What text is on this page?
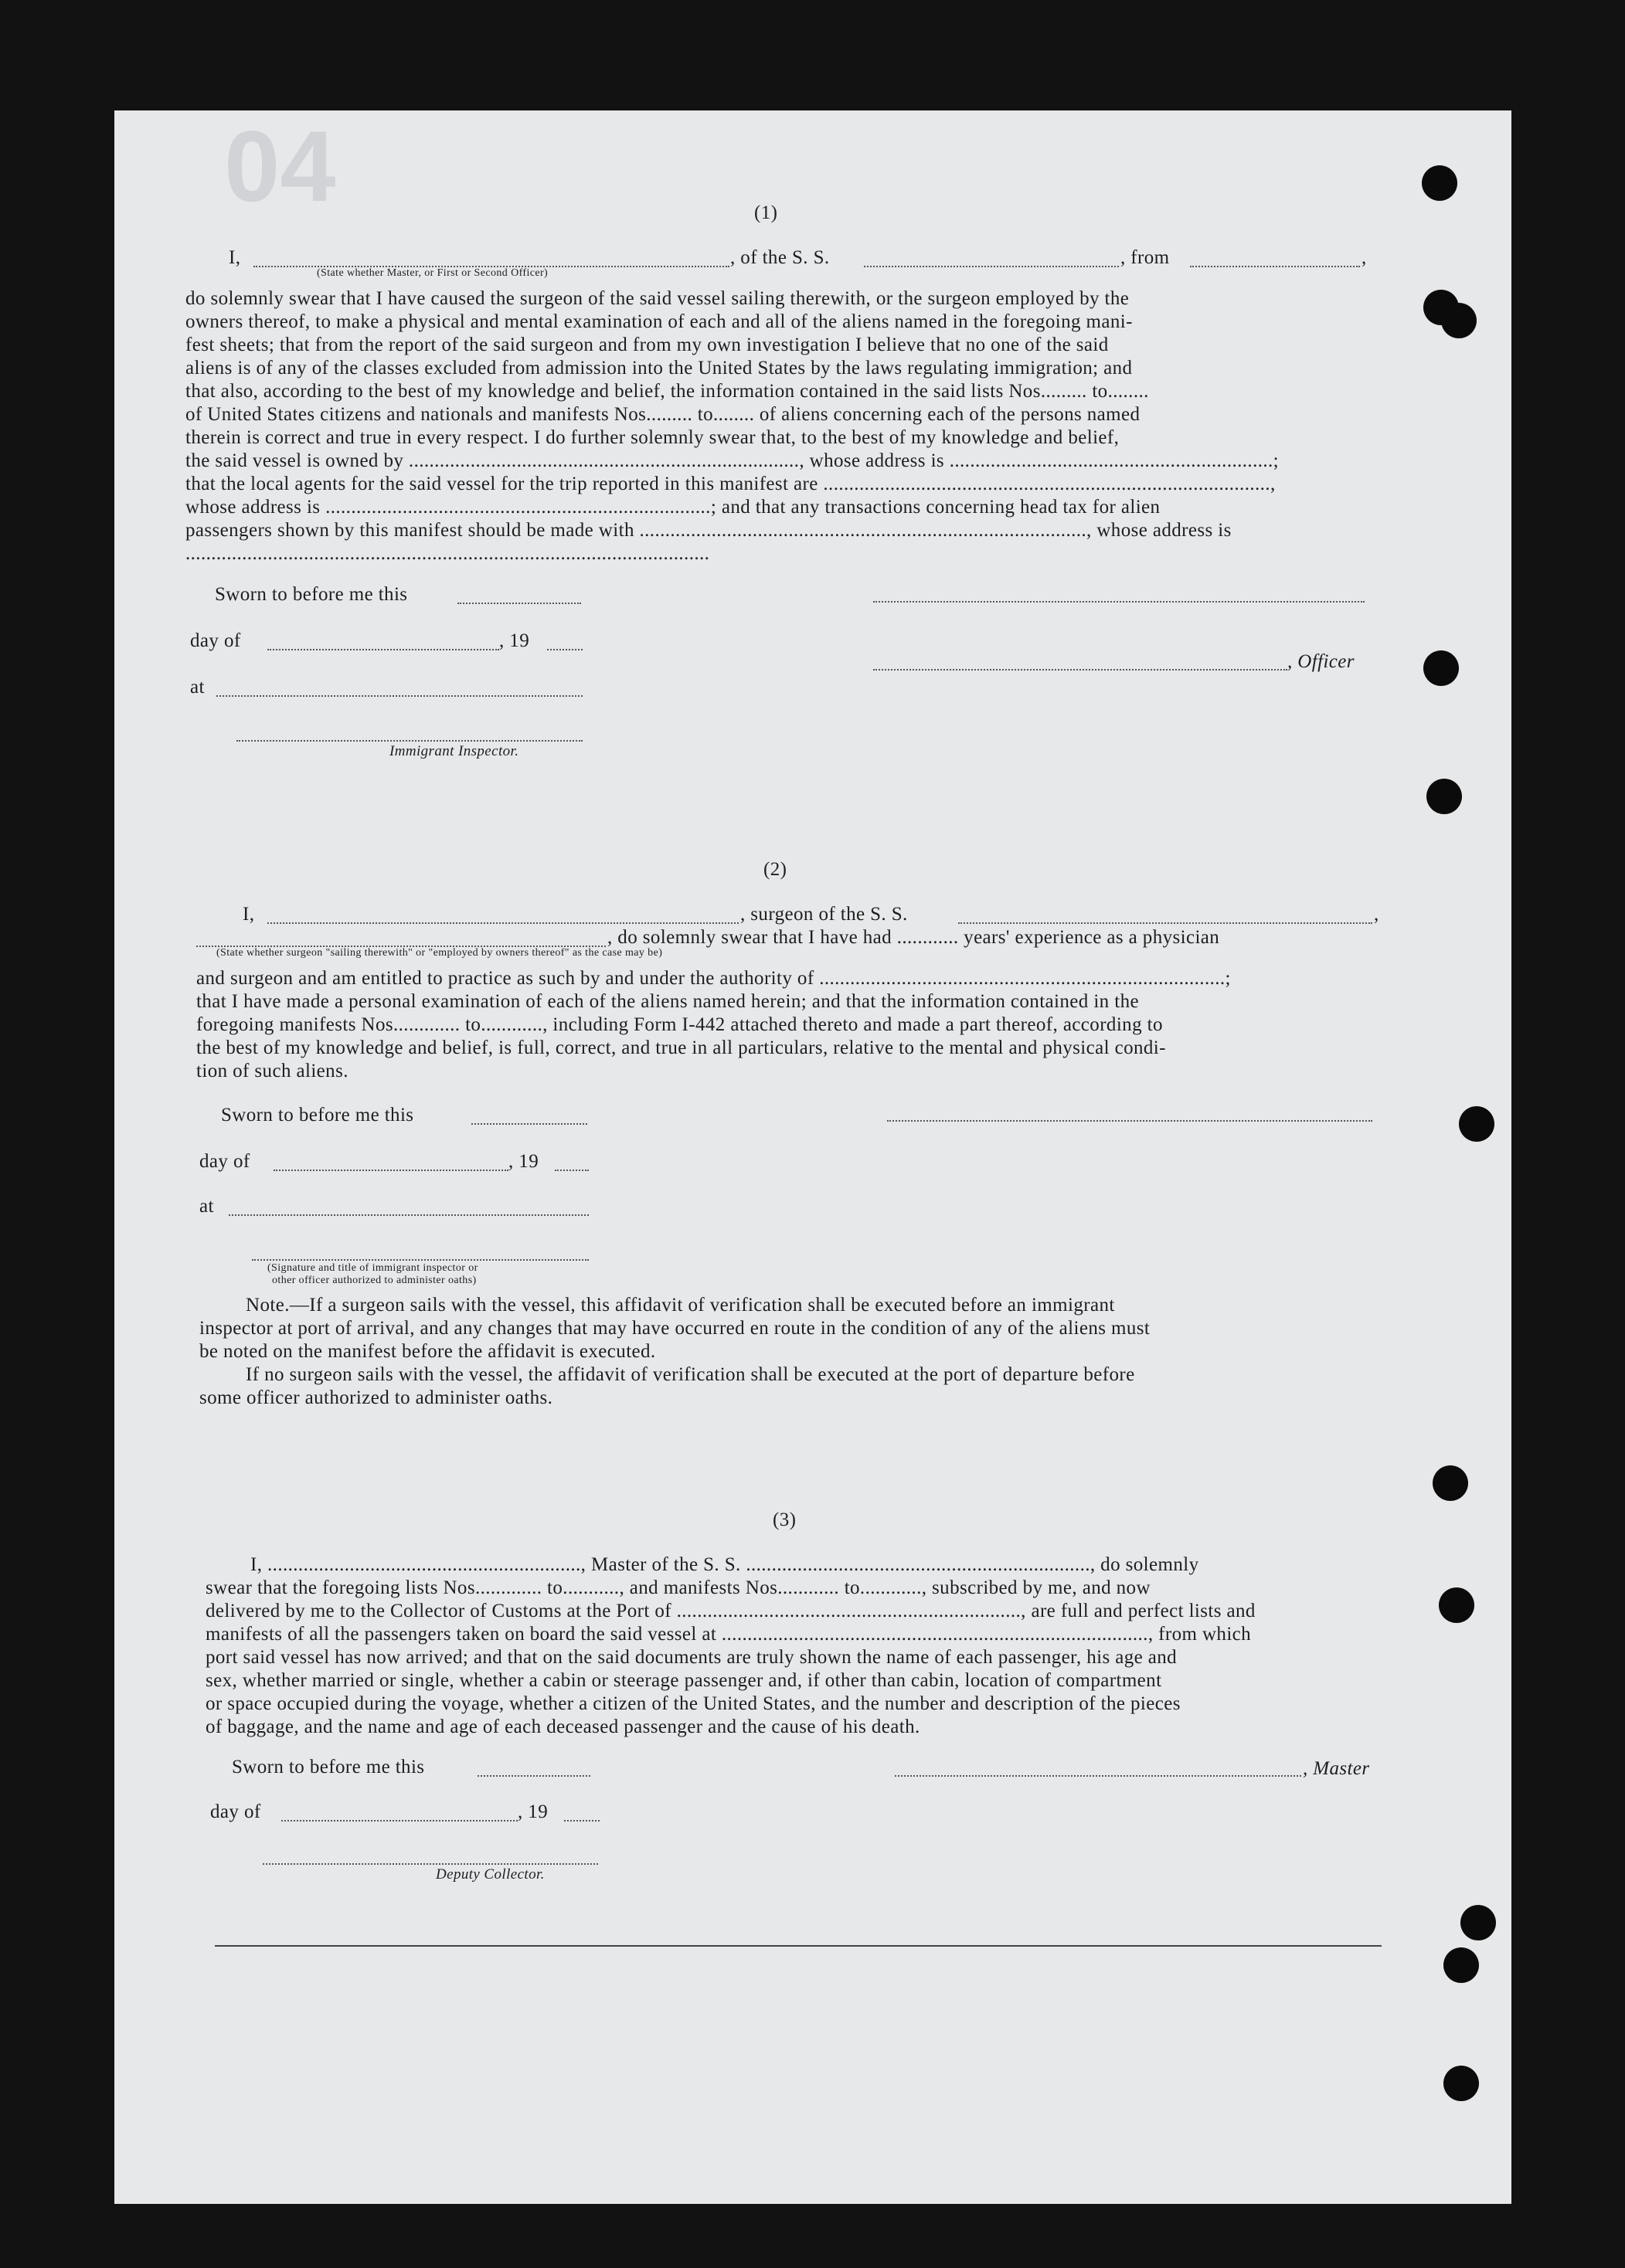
04	(1)
I,	, of the S. S.	, from	,
(State whether Master, or First or Second Officer)
do solemnly swear that I have caused the surgeon of the said vessel sailing therewith, or the surgeon employed by the
owners thereof, to make a physical and mental examination of each and all of the aliens named in the foregoing mani-
fest sheets; that from the report of the said surgeon and from my own investigation I believe that no one of the said
aliens is of any of the classes excluded from admission into the United States by the laws regulating immigration; and
that also, according to the best of my knowledge and belief, the information contained in the said lists Nos......... to........
of United States citizens and nationals and manifests Nos......... to........ of aliens concerning each of the persons named
therein is correct and true in every respect. I do further solemnly swear that, to the best of my knowledge and belief,
the said vessel is owned by ............................................................................, whose address is ...............................................................;
that the local agents for the said vessel for the trip reported in this manifest are .......................................................................................,
whose address is ...........................................................................; and that any transactions concerning head tax for alien
passengers shown by this manifest should be made with ......................................................................................., whose address is
......................................................................................................
Sworn to before me this
day of	, 19
, Officer
at
Immigrant Inspector.
(2)
I,	, surgeon of the S. S.	,
, do solemnly swear that I have had ............ years' experience as a physician
(State whether surgeon "sailing therewith" or "employed by owners thereof" as the case may be)
and surgeon and am entitled to practice as such by and under the authority of ...............................................................................;
that I have made a personal examination of each of the aliens named herein; and that the information contained in the
foregoing manifests Nos............. to............, including Form I-442 attached thereto and made a part thereof, according to
the best of my knowledge and belief, is full, correct, and true in all particulars, relative to the mental and physical condi-
tion of such aliens.
Sworn to before me this
day of	, 19
at
(Signature and title of immigrant inspector or
other officer authorized to administer oaths)
Note.—If a surgeon sails with the vessel, this affidavit of verification shall be executed before an immigrant
inspector at port of arrival, and any changes that may have occurred en route in the condition of any of the aliens must
be noted on the manifest before the affidavit is executed.
If no surgeon sails with the vessel, the affidavit of verification shall be executed at the port of departure before
some officer authorized to administer oaths.
(3)
I, ............................................................., Master of the S. S. ..................................................................., do solemnly
swear that the foregoing lists Nos............. to..........., and manifests Nos............ to............, subscribed by me, and now
delivered by me to the Collector of Customs at the Port of ..................................................................., are full and perfect lists and
manifests of all the passengers taken on board the said vessel at ..................................................................................., from which
port said vessel has now arrived; and that on the said documents are truly shown the name of each passenger, his age and
sex, whether married or single, whether a cabin or steerage passenger and, if other than cabin, location of compartment
or space occupied during the voyage, whether a citizen of the United States, and the number and description of the pieces
of baggage, and the name and age of each deceased passenger and the cause of his death.
Sworn to before me this	, Master
day of	, 19
Deputy Collector.
